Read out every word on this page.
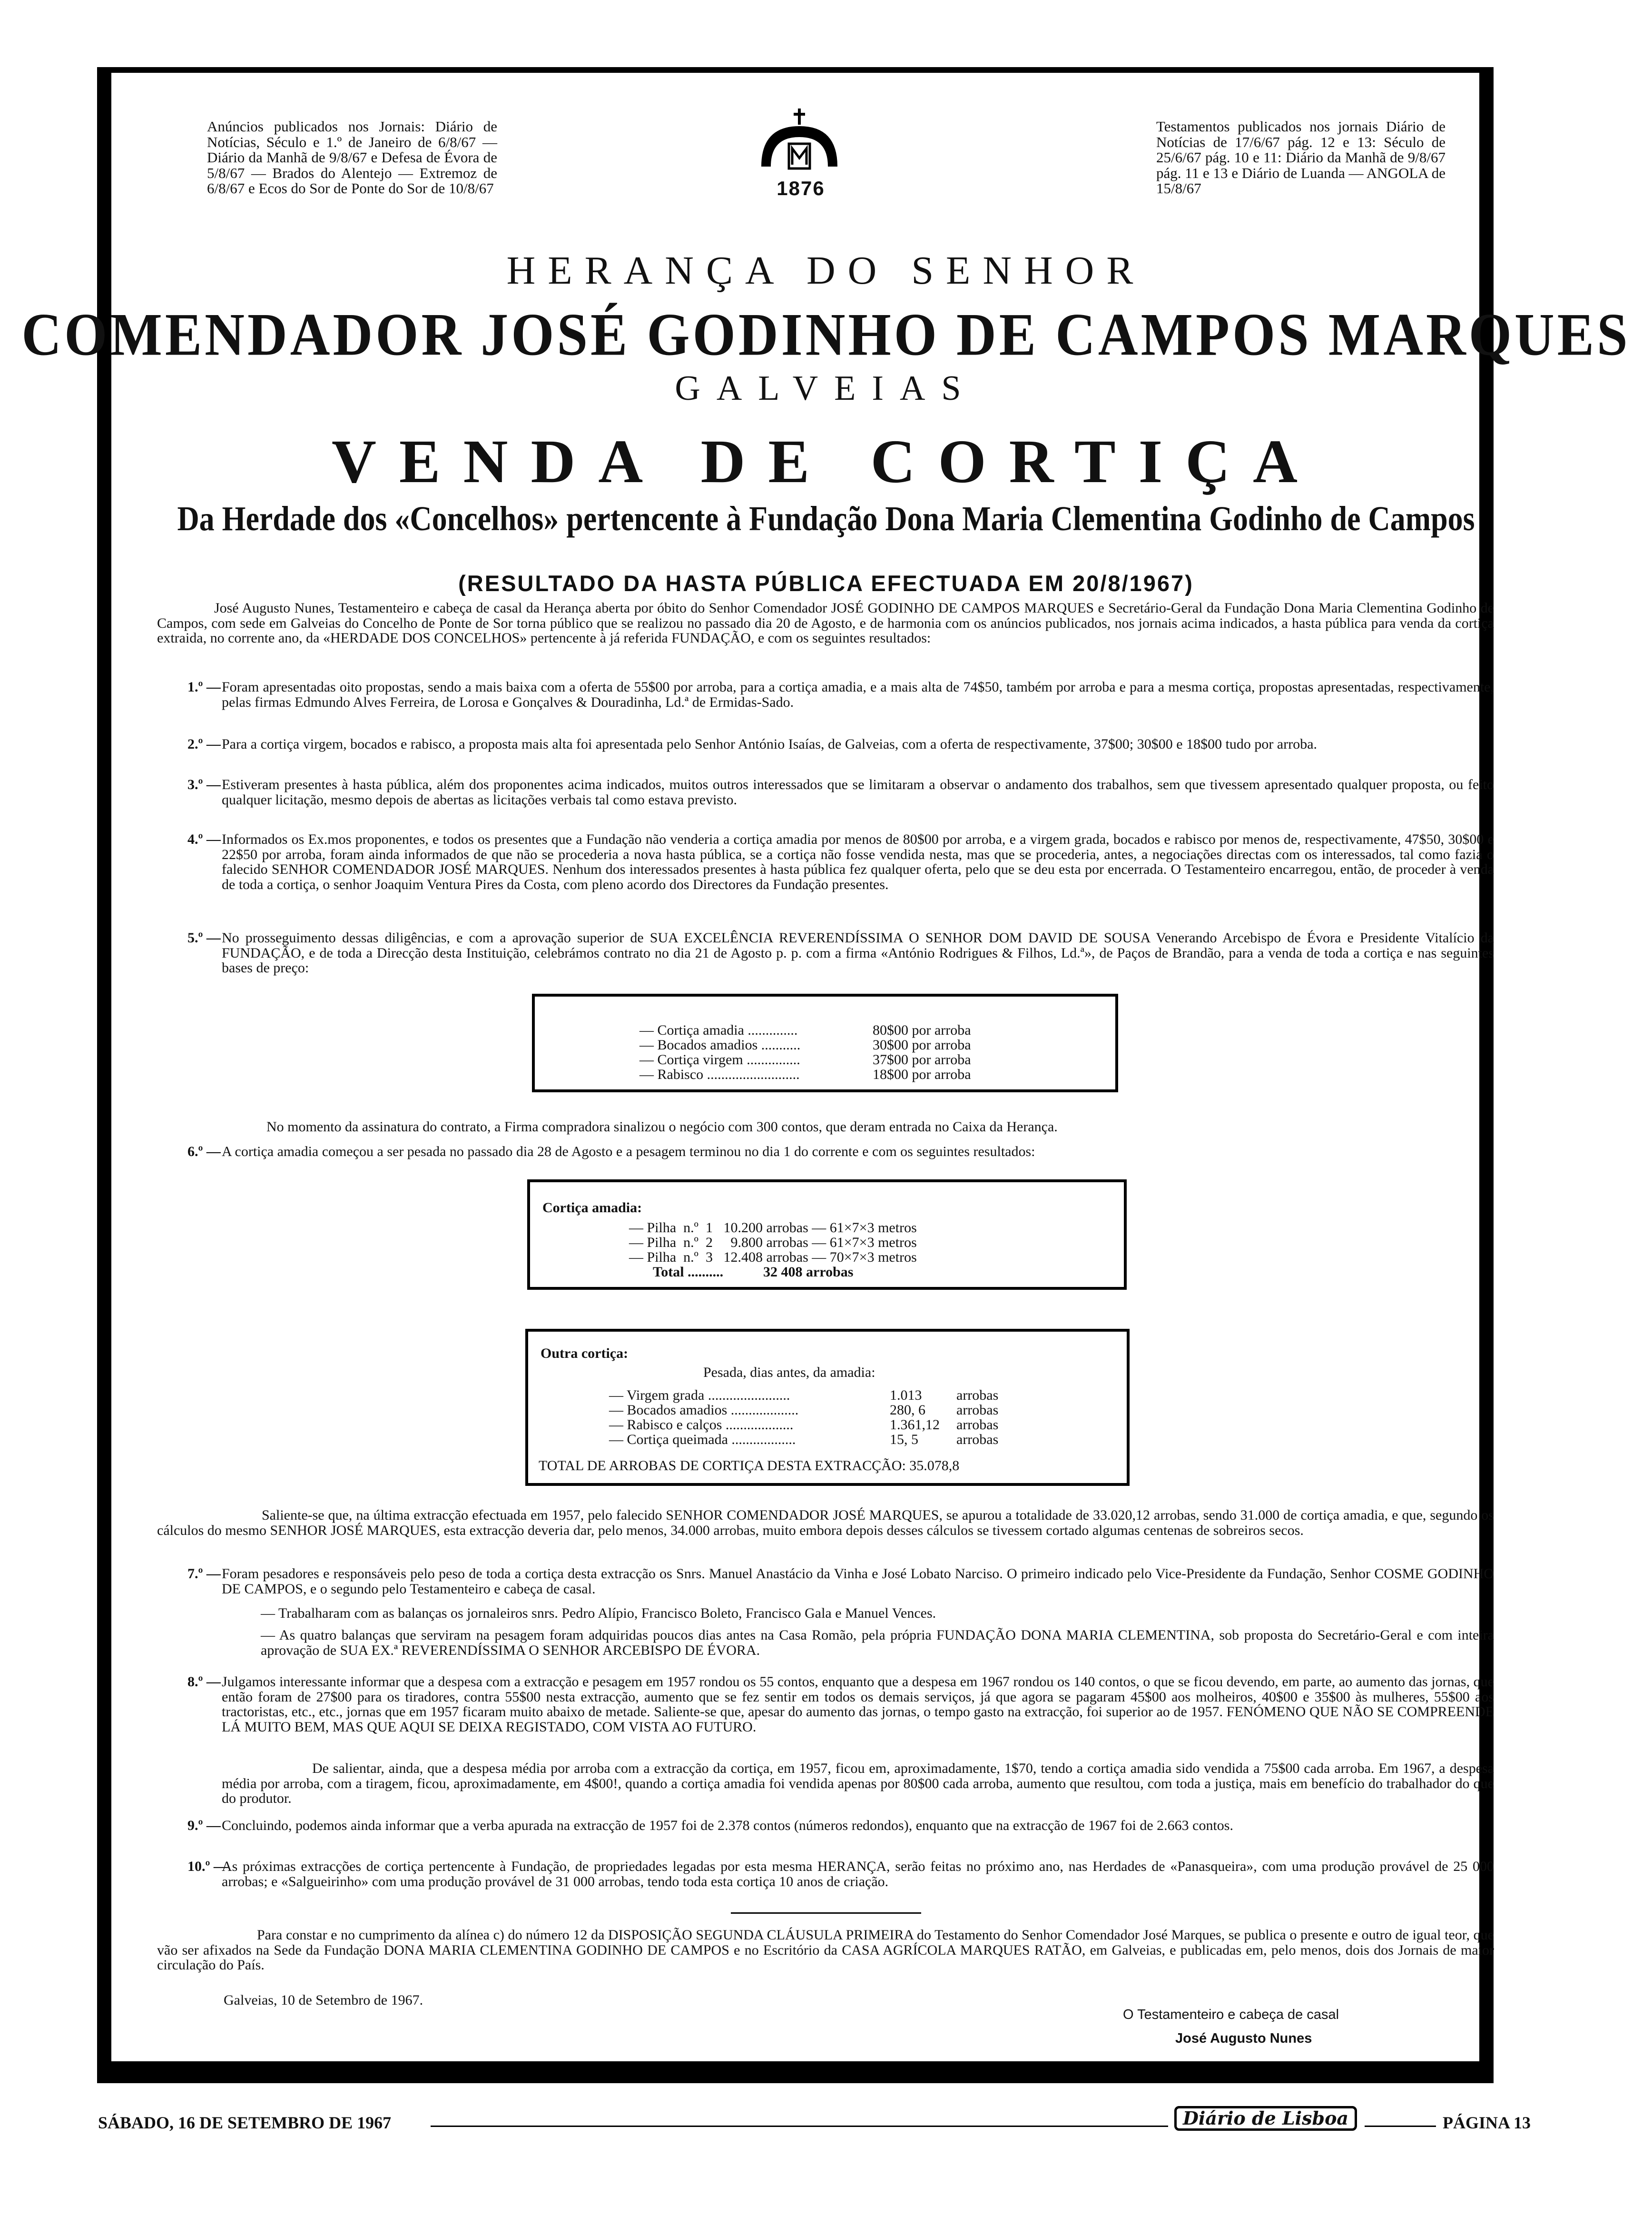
Anúncios publicados nos Jornais: Diário de Notícias, Século e 1.º de Janeiro de 6/8/67 — Diário da Manhã de 9/8/67 e Defesa de Évora de 5/8/67 — Brados do Alentejo — Extremoz de 6/8/67 e Ecos do Sor de Ponte do Sor de 10/8/67
Testamentos publicados nos jornais Diário de Notícias de 17/6/67 pág. 12 e 13: Século de 25/6/67 pág. 10 e 11: Diário da Manhã de 9/8/67 pág. 11 e 13 e Diário de Luanda — ANGOLA de 15/8/67
1876
HERANÇA DO SENHOR
COMENDADOR JOSÉ GODINHO DE CAMPOS MARQUES
GALVEIAS
VENDA DE CORTIÇA
Da Herdade dos «Concelhos» pertencente à Fundação Dona Maria Clementina Godinho de Campos
(RESULTADO DA HASTA PÚBLICA EFECTUADA EM 20/8/1967)
José Augusto Nunes, Testamenteiro e cabeça de casal da Herança aberta por óbito do Senhor Comendador JOSÉ GODINHO DE CAMPOS MARQUES e Secretário-Geral da Fundação Dona Maria Clementina Godinho de Campos, com sede em Galveias do Concelho de Ponte de Sor torna público que se realizou no passado dia 20 de Agosto, e de harmonia com os anúncios publicados, nos jornais acima indicados, a hasta pública para venda da cortiça extraida, no corrente ano, da «HERDADE DOS CONCELHOS» pertencente à já referida FUNDAÇÃO, e com os seguintes resultados:
1.º — Foram apresentadas oito propostas, sendo a mais baixa com a oferta de 55$00 por arroba, para a cortiça amadia, e a mais alta de 74$50, também por arroba e para a mesma cortiça, propostas apresentadas, respectivamente, pelas firmas Edmundo Alves Ferreira, de Lorosa e Gonçalves & Douradinha, Ld.ª de Ermidas-Sado.
2.º — Para a cortiça virgem, bocados e rabisco, a proposta mais alta foi apresentada pelo Senhor António Isaías, de Galveias, com a oferta de respectivamente, 37$00; 30$00 e 18$00 tudo por arroba.
3.º — Estiveram presentes à hasta pública, além dos proponentes acima indicados, muitos outros interessados que se limitaram a observar o andamento dos trabalhos, sem que tivessem apresentado qualquer proposta, ou feito qualquer licitação, mesmo depois de abertas as licitações verbais tal como estava previsto.
4.º — Informados os Ex.mos proponentes, e todos os presentes que a Fundação não venderia a cortiça amadia por menos de 80$00 por arroba, e a virgem grada, bocados e rabisco por menos de, respectivamente, 47$50, 30$00 e 22$50 por arroba, foram ainda informados de que não se procederia a nova hasta pública, se a cortiça não fosse vendida nesta, mas que se procederia, antes, a negociações directas com os interessados, tal como fazia o falecido SENHOR COMENDADOR JOSÉ MARQUES. Nenhum dos interessados presentes à hasta pública fez qualquer oferta, pelo que se deu esta por encerrada. O Testamenteiro encarregou, então, de proceder à venda de toda a cortiça, o senhor Joaquim Ventura Pires da Costa, com pleno acordo dos Directores da Fundação presentes.
5.º — No prosseguimento dessas diligências, e com a aprovação superior de SUA EXCELÊNCIA REVERENDÍSSIMA O SENHOR DOM DAVID DE SOUSA Venerando Arcebispo de Évora e Presidente Vitalício da FUNDAÇÃO, e de toda a Direcção desta Instituição, celebrámos contrato no dia 21 de Agosto p. p. com a firma «António Rodrigues & Filhos, Ld.ª», de Paços de Brandão, para a venda de toda a cortiça e nas seguintes bases de preço:
— Cortiça amadia ..............	80$00 por arroba
— Bocados amadios ...........	30$00 por arroba
— Cortiça virgem ...............	37$00 por arroba
— Rabisco ..........................	18$00 por arroba
No momento da assinatura do contrato, a Firma compradora sinalizou o negócio com 300 contos, que deram entrada no Caixa da Herança.
6.º — A cortiça amadia começou a ser pesada no passado dia 28 de Agosto e a pesagem terminou no dia 1 do corrente e com os seguintes resultados:
Cortiça amadia:
— Pilha  n.º  1   10.200 arrobas — 61×7×3 metros
— Pilha  n.º  2     9.800 arrobas — 61×7×3 metros
— Pilha  n.º  3   12.408 arrobas — 70×7×3 metros
Total ..........	32 408 arrobas
Outra cortiça:
Pesada, dias antes, da amadia:
— Virgem grada .......................	1.013 arrobas
— Bocados amadios ...................	280, 6 arrobas
— Rabisco e calços ...................	1.361,12 arrobas
— Cortiça queimada ..................	15, 5	arrobas
TOTAL DE ARROBAS DE CORTIÇA DESTA EXTRACÇÃO: 35.078,8
Saliente-se que, na última extracção efectuada em 1957, pelo falecido SENHOR COMENDADOR JOSÉ MARQUES, se apurou a totalidade de 33.020,12 arrobas, sendo 31.000 de cortiça amadia, e que, segundo os cálculos do mesmo SENHOR JOSÉ MARQUES, esta extracção deveria dar, pelo menos, 34.000 arrobas, muito embora depois desses cálculos se tivessem cortado algumas centenas de sobreiros secos.
7.º — Foram pesadores e responsáveis pelo peso de toda a cortiça desta extracção os Snrs. Manuel Anastácio da Vinha e José Lobato Narciso. O primeiro indicado pelo Vice-Presidente da Fundação, Senhor COSME GODINHO DE CAMPOS, e o segundo pelo Testamenteiro e cabeça de casal.
— Trabalharam com as balanças os jornaleiros snrs. Pedro Alípio, Francisco Boleto, Francisco Gala e Manuel Vences.
— As quatro balanças que serviram na pesagem foram adquiridas poucos dias antes na Casa Romão, pela própria FUNDAÇÃO DONA MARIA CLEMENTINA, sob proposta do Secretário-Geral e com inteira aprovação de SUA EX.ª REVERENDÍSSIMA O SENHOR ARCEBISPO DE ÉVORA.
8.º — Julgamos interessante informar que a despesa com a extracção e pesagem em 1957 rondou os 55 contos, enquanto que a despesa em 1967 rondou os 140 contos, o que se ficou devendo, em parte, ao aumento das jornas, que então foram de 27$00 para os tiradores, contra 55$00 nesta extracção, aumento que se fez sentir em todos os demais serviços, já que agora se pagaram 45$00 aos molheiros, 40$00 e 35$00 às mulheres, 55$00 aos tractoristas, etc., etc., jornas que em 1957 ficaram muito abaixo de metade. Saliente-se que, apesar do aumento das jornas, o tempo gasto na extracção, foi superior ao de 1957. FENÓMENO QUE NÃO SE COMPREENDE LÁ MUITO BEM, MAS QUE AQUI SE DEIXA REGISTADO, COM VISTA AO FUTURO.
De salientar, ainda, que a despesa média por arroba com a extracção da cortiça, em 1957, ficou em, aproximadamente, 1$70, tendo a cortiça amadia sido vendida a 75$00 cada arroba. Em 1967, a despesa média por arroba, com a tiragem, ficou, aproximadamente, em 4$00!, quando a cortiça amadia foi vendida apenas por 80$00 cada arroba, aumento que resultou, com toda a justiça, mais em benefício do trabalhador do que do produtor.
9.º — Concluindo, podemos ainda informar que a verba apurada na extracção de 1957 foi de 2.378 contos (números redondos), enquanto que na extracção de 1967 foi de 2.663 contos.
10.º —
As próximas extracções de cortiça pertencente à Fundação, de propriedades legadas por esta mesma HERANÇA, serão feitas no próximo ano, nas Herdades de «Panasqueira», com uma produção provável de 25 000 arrobas; e «Salgueirinho» com uma produção provável de 31 000 arrobas, tendo toda esta cortiça 10 anos de criação.
Para constar e no cumprimento da alínea c) do número 12 da DISPOSIÇÃO SEGUNDA CLÁUSULA PRIMEIRA do Testamento do Senhor Comendador José Marques, se publica o presente e outro de igual teor, que vão ser afixados na Sede da Fundação DONA MARIA CLEMENTINA GODINHO DE CAMPOS e no Escritório da CASA AGRÍCOLA MARQUES RATÃO, em Galveias, e publicadas em, pelo menos, dois dos Jornais de maior circulação do País.
Galveias, 10 de Setembro de 1967.
O Testamenteiro e cabeça de casal
José Augusto Nunes
SÁBADO, 16 DE SETEMBRO DE 1967	Diário de Lisboa	PÁGINA 13
